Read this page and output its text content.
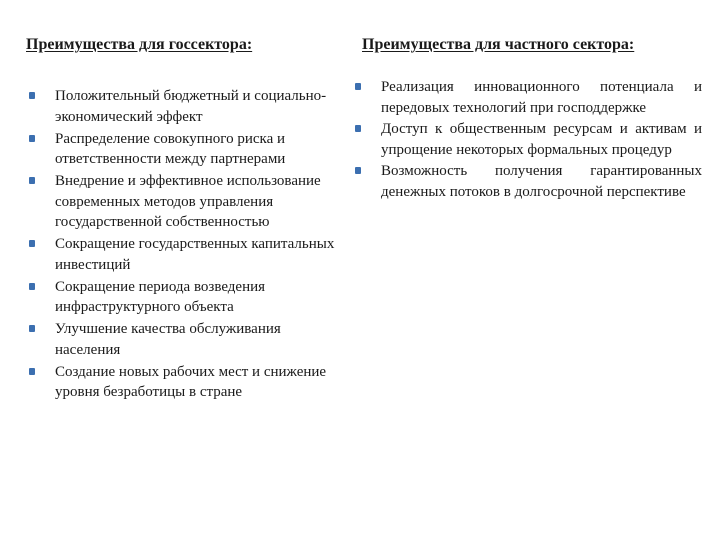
Преимущества для госсектора:	Преимущества для частного сектора:
Положительный бюджетный и социально-экономический эффект
Распределение совокупного риска и ответственности между партнерами
Внедрение и эффективное использование современных методов управления государственной собственностью
Сокращение государственных капитальных инвестиций
Сокращение периода возведения инфраструктурного объекта
Улучшение качества обслуживания населения
Создание новых рабочих мест и снижение уровня безработицы в стране
Реализация инновационного потенциала и передовых технологий при господдержке
Доступ к общественным ресурсам и активам и упрощение некоторых формальных процедур
Возможность получения гарантированных денежных потоков в долгосрочной перспективе
